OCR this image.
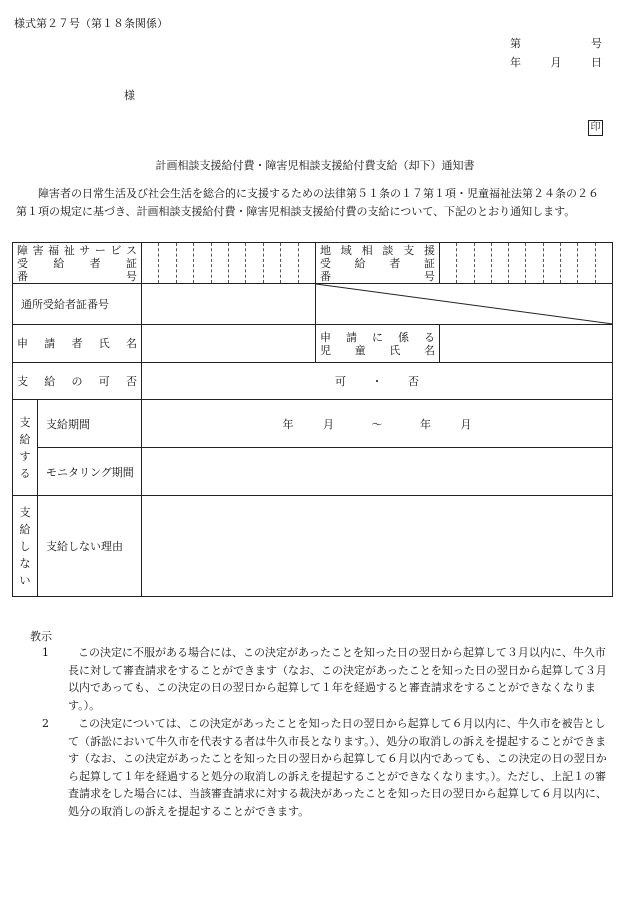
様式第２７号（第１８条関係）
第	号
年	月	日
様
印
計画相談支援給付費・障害児相談支援給付費支給（却下）通知書
障害者の日常生活及び社会生活を総合的に支援するための法律第５１条の１７第１項・児童福祉法第２４条の２６第１項の規定に基づき、計画相談支援給付費・障害児相談支援給付費の支給について、下記のとおり通知します。
障害福祉サービス
受給者証
番号			地域相談支援
受給者証
番号	

通所受給者証番号		

申請者氏名			申請に係る
児童氏名	

支給の可否		可 ・ 否		

支給する	支給期間	年 月 ～ 年 月		
	モニタリング期間			

支給しない	支給しない理由			
教示
1	この決定に不服がある場合には、この決定があったことを知った日の翌日から起算して３月以内に、牛久市長に対して審査請求をすることができます（なお、この決定があったことを知った日の翌日から起算して３月以内であっても、この決定の日の翌日から起算して１年を経過すると審査請求をすることができなくなります。）。
2	この決定については、この決定があったことを知った日の翌日から起算して６月以内に、牛久市を被告として（訴訟において牛久市を代表する者は牛久市長となります。）、処分の取消しの訴えを提起することができます（なお、この決定があったことを知った日の翌日から起算して６月以内であっても、この決定の日の翌日から起算して１年を経過すると処分の取消しの訴えを提起することができなくなります。）。ただし、上記１の審査請求をした場合には、当該審査請求に対する裁決があったことを知った日の翌日から起算して６月以内に、処分の取消しの訴えを提起することができます。
